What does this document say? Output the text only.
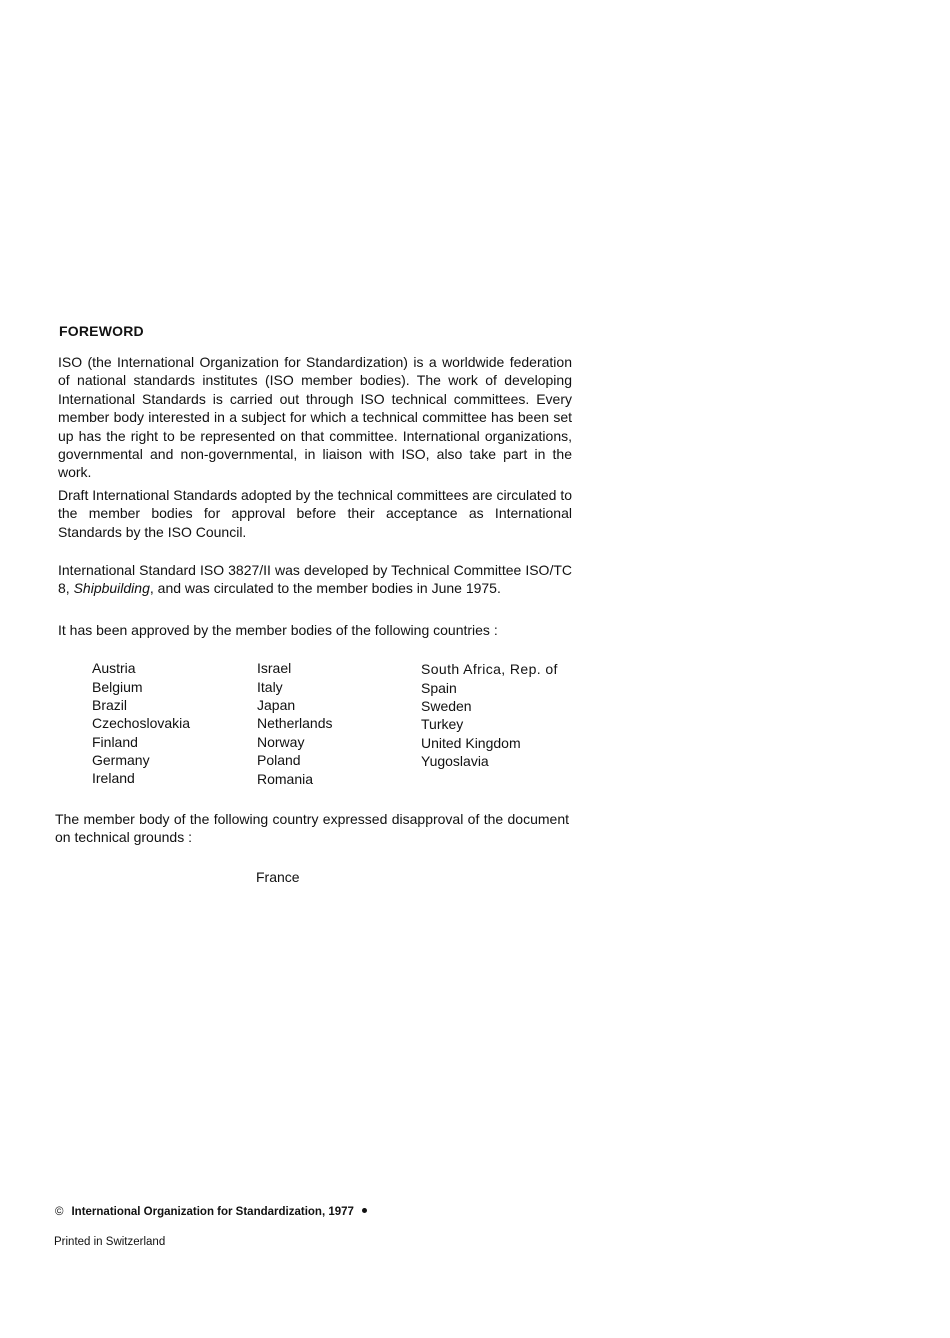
FOREWORD
ISO (the International Organization for Standardization) is a worldwide federation of national standards institutes (ISO member bodies). The work of developing International Standards is carried out through ISO technical committees. Every member body interested in a subject for which a technical committee has been set up has the right to be represented on that committee. International organizations, governmental and non-governmental, in liaison with ISO, also take part in the work.
Draft International Standards adopted by the technical committees are circulated to the member bodies for approval before their acceptance as International Standards by the ISO Council.
International Standard ISO 3827/II was developed by Technical Committee ISO/TC 8, Shipbuilding, and was circulated to the member bodies in June 1975.
It has been approved by the member bodies of the following countries :
Austria
Belgium
Brazil
Czechoslovakia
Finland
Germany
Ireland
Israel
Italy
Japan
Netherlands
Norway
Poland
Romania
South Africa, Rep. of
Spain
Sweden
Turkey
United Kingdom
Yugoslavia
The member body of the following country expressed disapproval of the document on technical grounds :
France
© International Organization for Standardization, 1977
Printed in Switzerland
